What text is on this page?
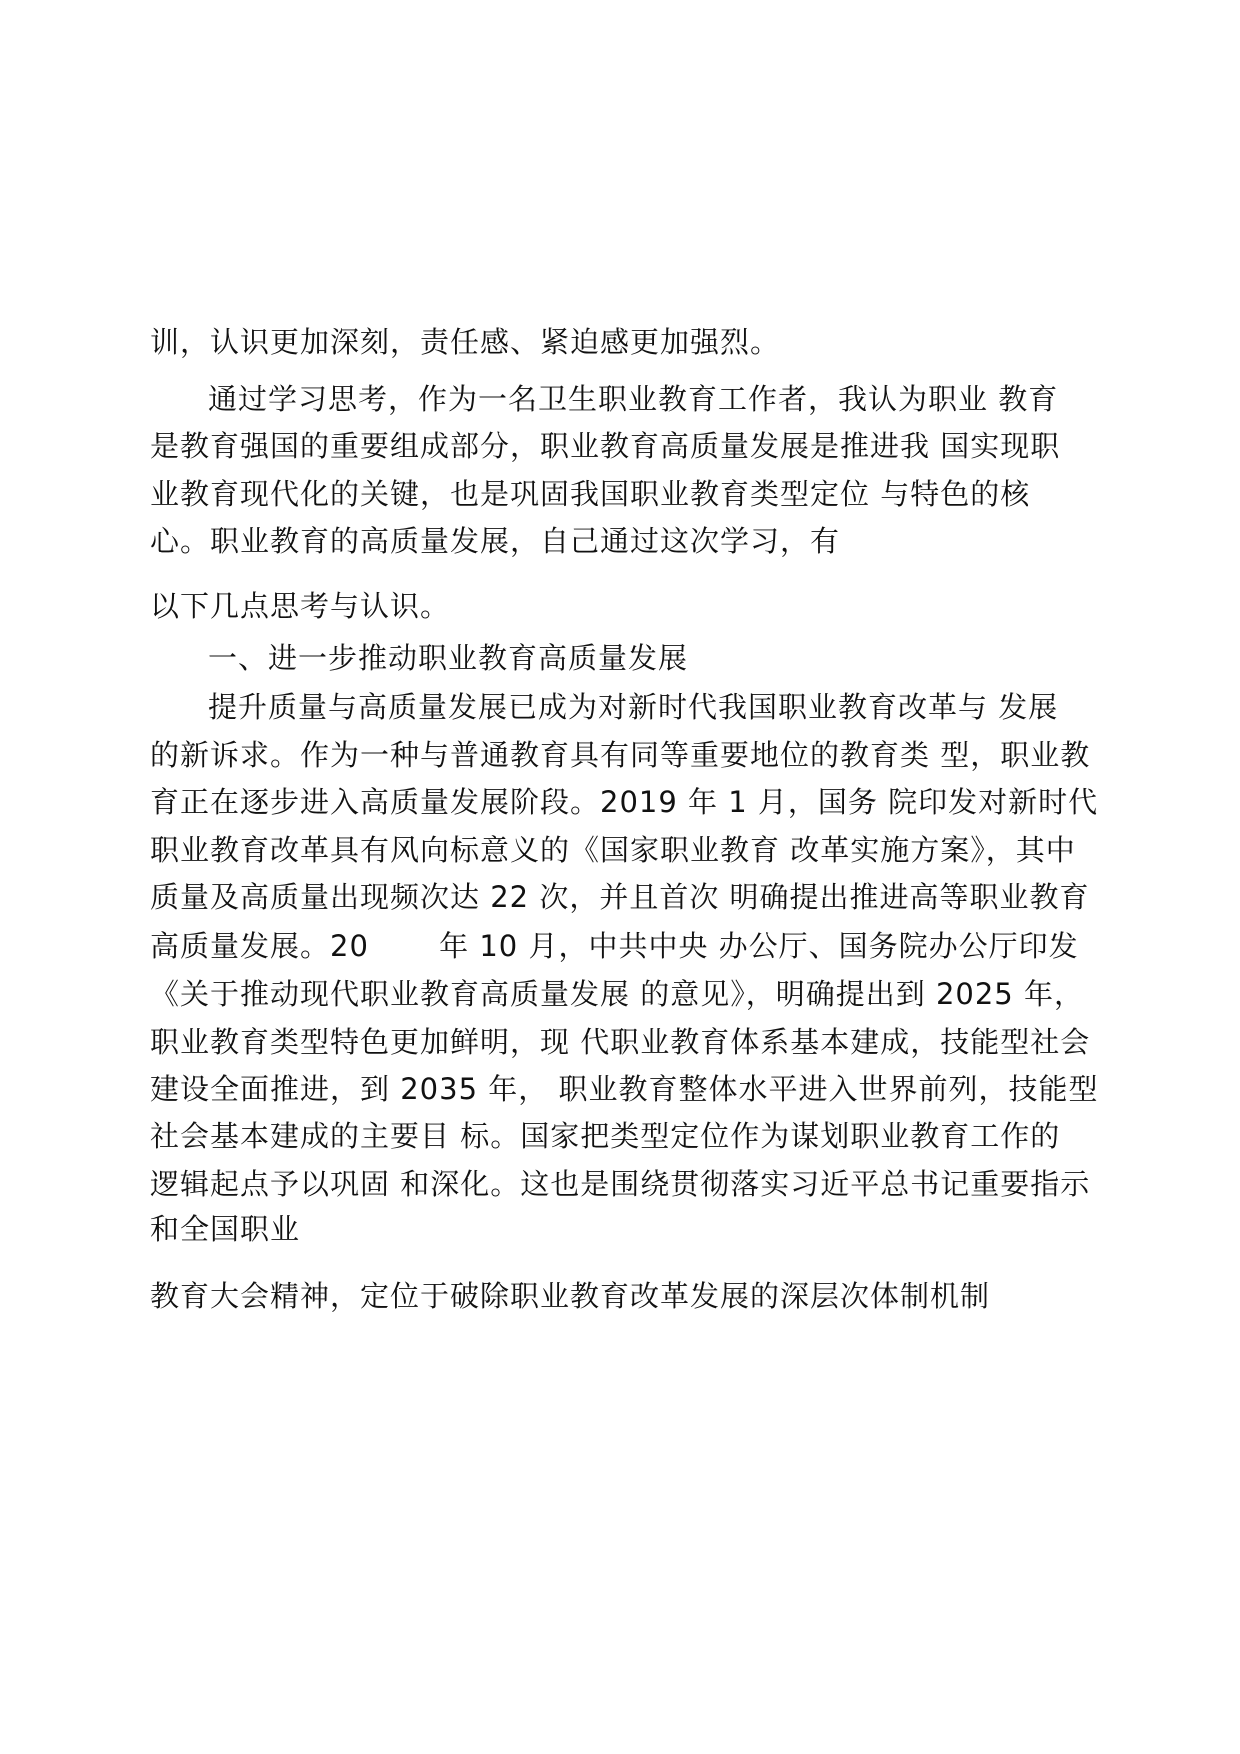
训，认识更加深刻，责任感、紧迫感更加强烈。
通过学习思考，作为一名卫生职业教育工作者，我认为职业 教育
是教育强国的重要组成部分，职业教育高质量发展是推进我 国实现职
业教育现代化的关键，也是巩固我国职业教育类型定位 与特色的核
心。职业教育的高质量发展，自己通过这次学习，有
以下几点思考与认识。
一、进一步推动职业教育高质量发展
提升质量与高质量发展已成为对新时代我国职业教育改革与 发展
的新诉求。作为一种与普通教育具有同等重要地位的教育类 型，职业教
育正在逐步进入高质量发展阶段。2019 年 1 月，国务 院印发对新时代
职业教育改革具有风向标意义的《国家职业教育 改革实施方案》，其中
质量及高质量出现频次达 22 次，并且首次 明确提出推进高等职业教育
高质量发展。20　　 年 10 月，中共中央 办公厅、国务院办公厅印发
《关于推动现代职业教育高质量发展 的意见》，明确提出到 2025 年，
职业教育类型特色更加鲜明，现 代职业教育体系基本建成，技能型社会
建设全面推进，到 2035 年， 职业教育整体水平进入世界前列，技能型
社会基本建成的主要目 标。国家把类型定位作为谋划职业教育工作的
逻辑起点予以巩固 和深化。这也是围绕贯彻落实习近平总书记重要指示
和全国职业
教育大会精神，定位于破除职业教育改革发展的深层次体制机制
